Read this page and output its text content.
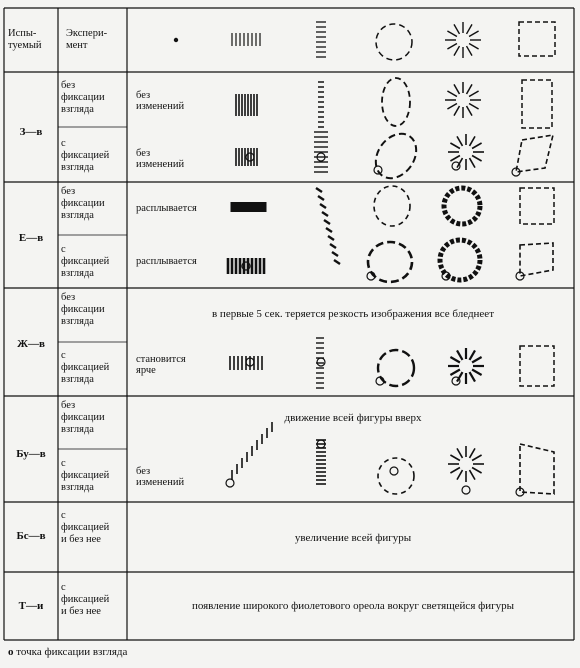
Испы-
туемый
Экспери-
мент
З—в
без
фиксации
взгляда
с
фиксацией
взгляда
без
изменений
без
изменений
Е—в
без
фиксации
взгляда
с
фиксацией
взгляда
расплывается
расплывается
Ж—в
без
фиксации
взгляда
с
фиксацией
взгляда
в первые 5 сек. теряется резкость изображения все бледнеет
становится
ярче
Бу—в
без
фиксации
взгляда
с
фиксацией
взгляда
движение всей фигуры вверх
без
изменений
Бс—в
с
фиксацией
и без нее	увеличение всей фигуры
Т—и
с
фиксацией
и без нее	появление широкого фиолетового ореола вокруг светящейся фигуры
o точка фиксации взгляда
